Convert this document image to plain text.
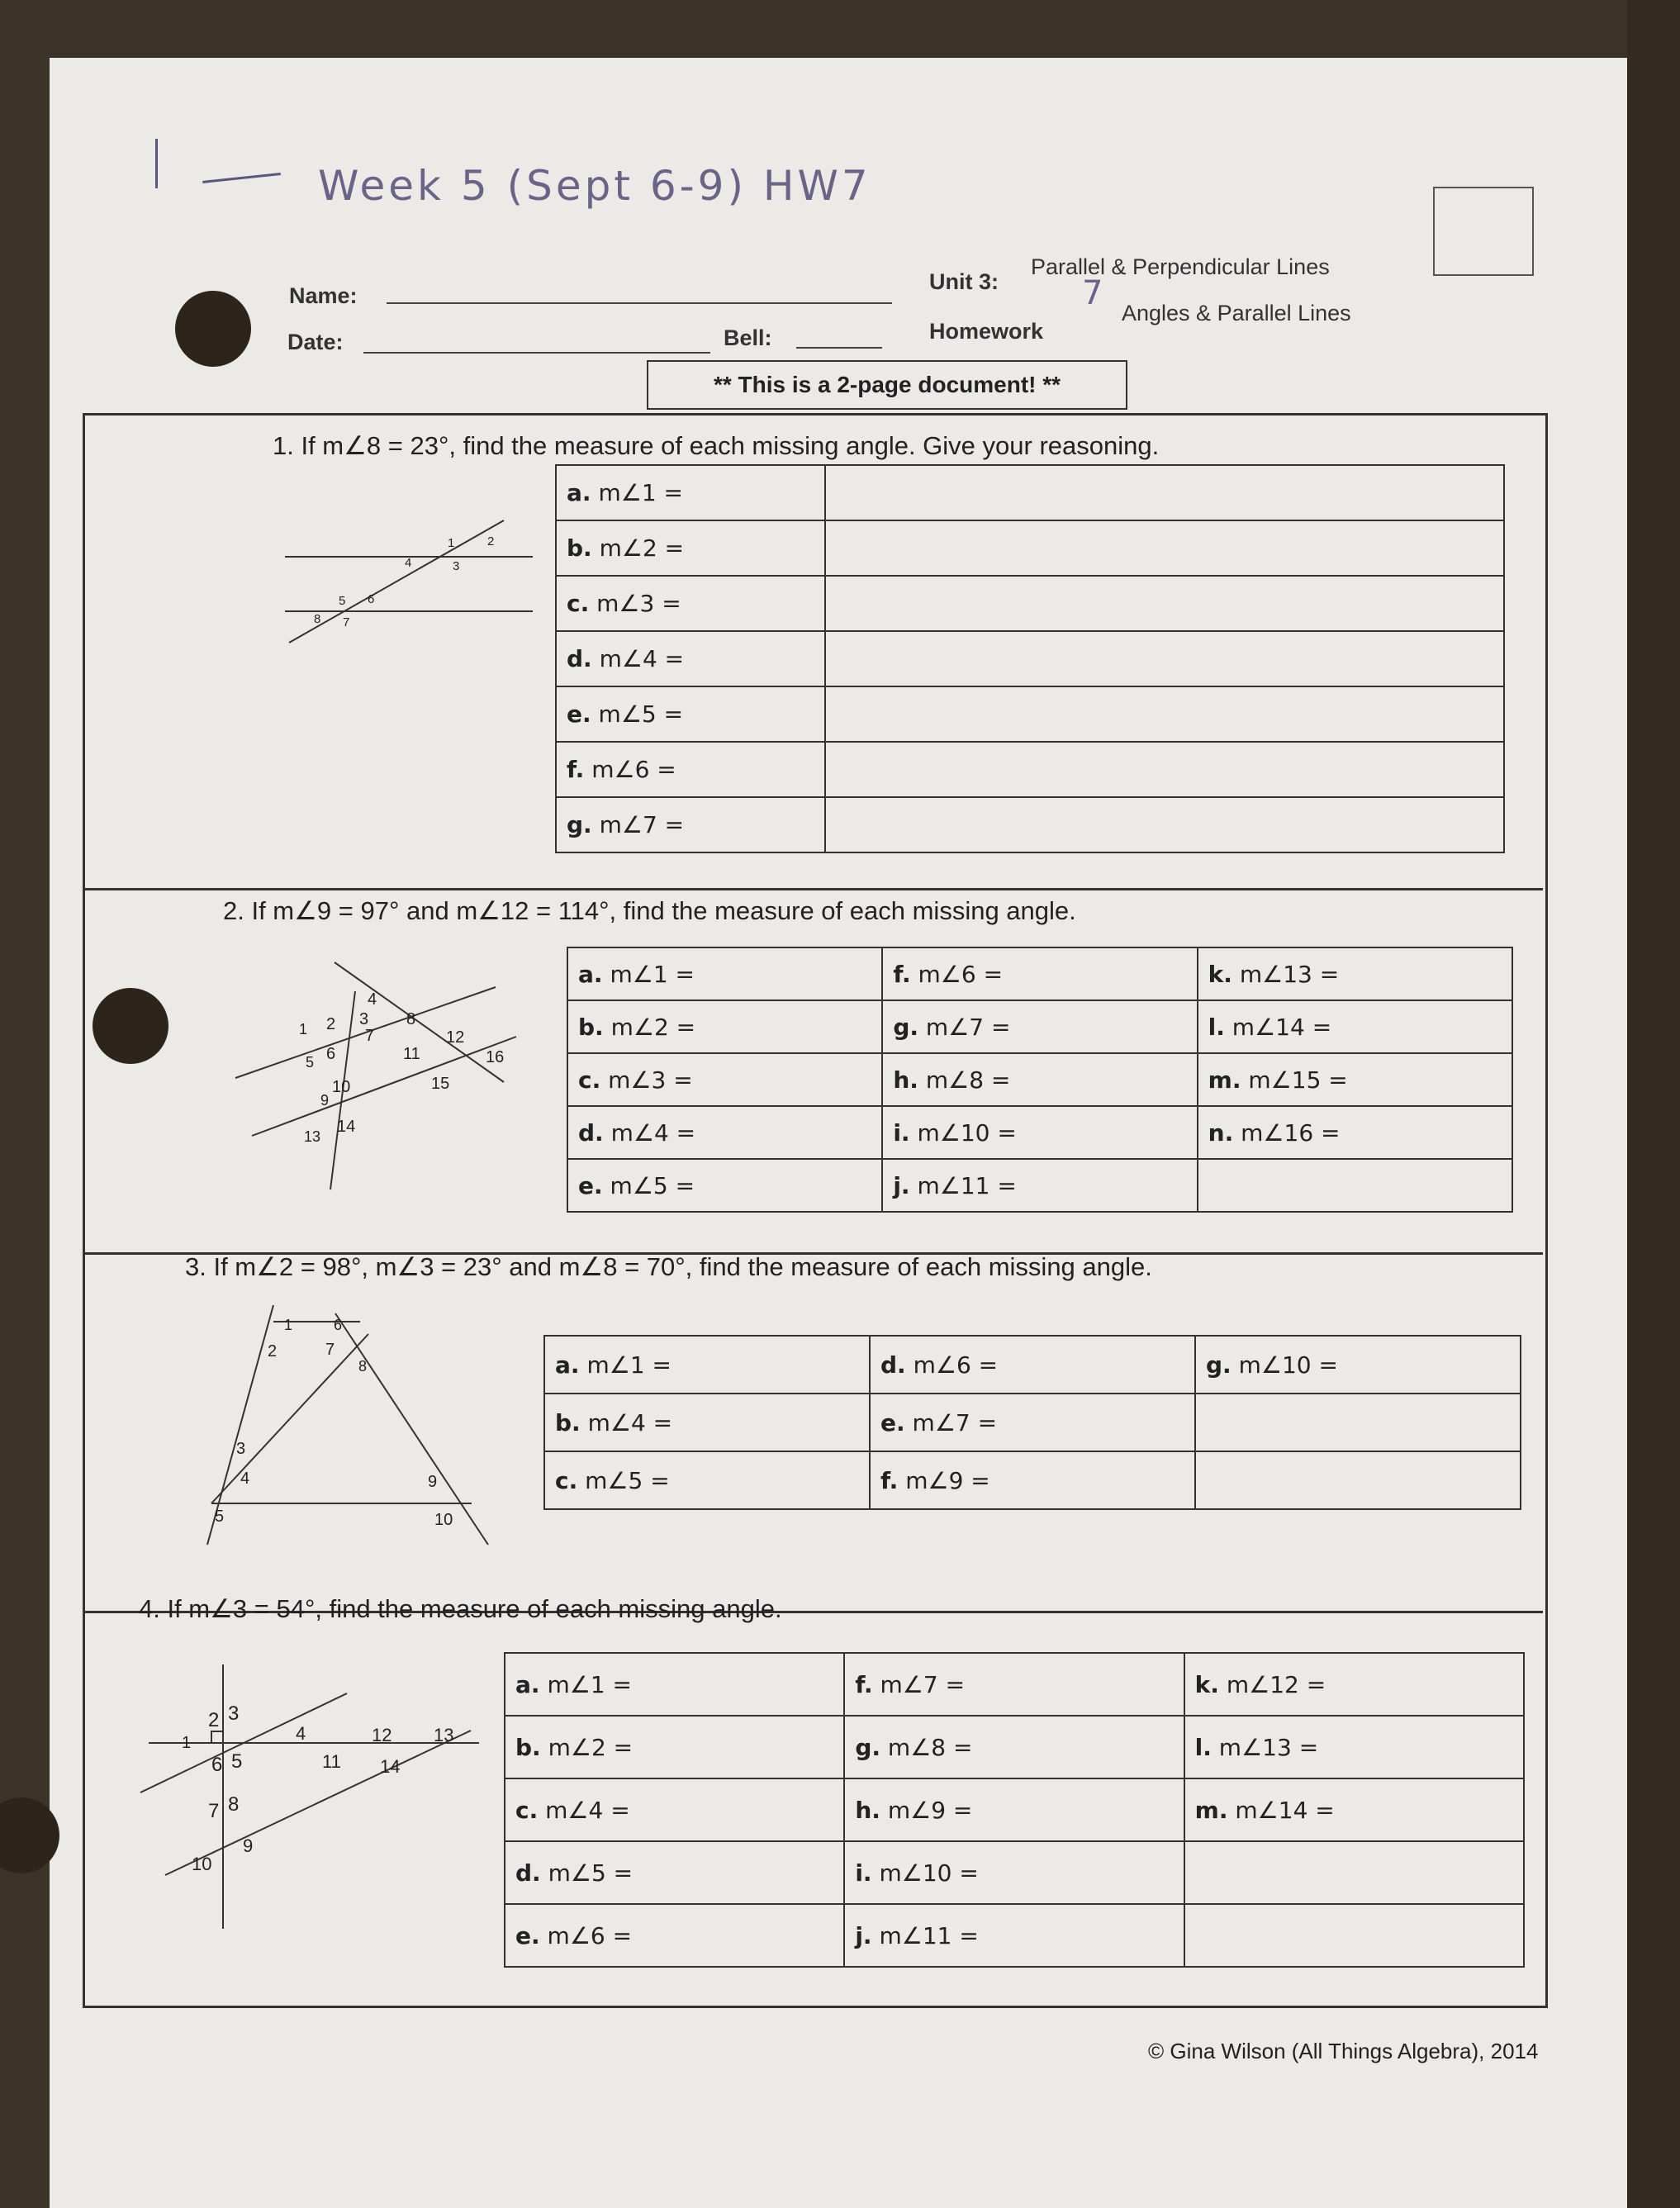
Week 5 (Sept 6-9) HW7
Name:
Date:	Bell:
Unit 3:
Parallel & Perpendicular Lines
Homework
7
Angles & Parallel Lines
** This is a 2-page document! **
1. If m∠8 = 23°, find the measure of each missing angle. Give your reasoning.
1	2
3
4
5 6
7
8
a. m∠1 =	
b. m∠2 =	
c. m∠3 =	
d. m∠4 =	
e. m∠5 =	
f. m∠6 =	
g. m∠7 =	
2. If m∠9 = 97° and m∠12 = 114°, find the measure of each missing angle.
1 2 3
4
5 6
7
8
9
10
11
12
13
14
15
16
a. m∠1 =	f. m∠6 =	k. m∠13 =
b. m∠2 =	g. m∠7 =	l. m∠14 =
c. m∠3 =	h. m∠8 =	m. m∠15 =
d. m∠4 =	i. m∠10 =	n. m∠16 =
e. m∠5 =	j. m∠11 =	
3. If m∠2 = 98°, m∠3 = 23° and m∠8 = 70°, find the measure of each missing angle.
1
2
3
4
5
6
7
8
9
10
a. m∠1 =	d. m∠6 =	g. m∠10 =
b. m∠4 =	e. m∠7 =	
c. m∠5 =	f. m∠9 =	
4. If m∠3 = 54°, find the measure of each missing angle.
1
2 3
4
5
6
7 8
9
10
11
12 13
14
a. m∠1 =	f. m∠7 =	k. m∠12 =
b. m∠2 =	g. m∠8 =	l. m∠13 =
c. m∠4 =	h. m∠9 =	m. m∠14 =
d. m∠5 =	i. m∠10 =	
e. m∠6 =	j. m∠11 =	
© Gina Wilson (All Things Algebra), 2014
